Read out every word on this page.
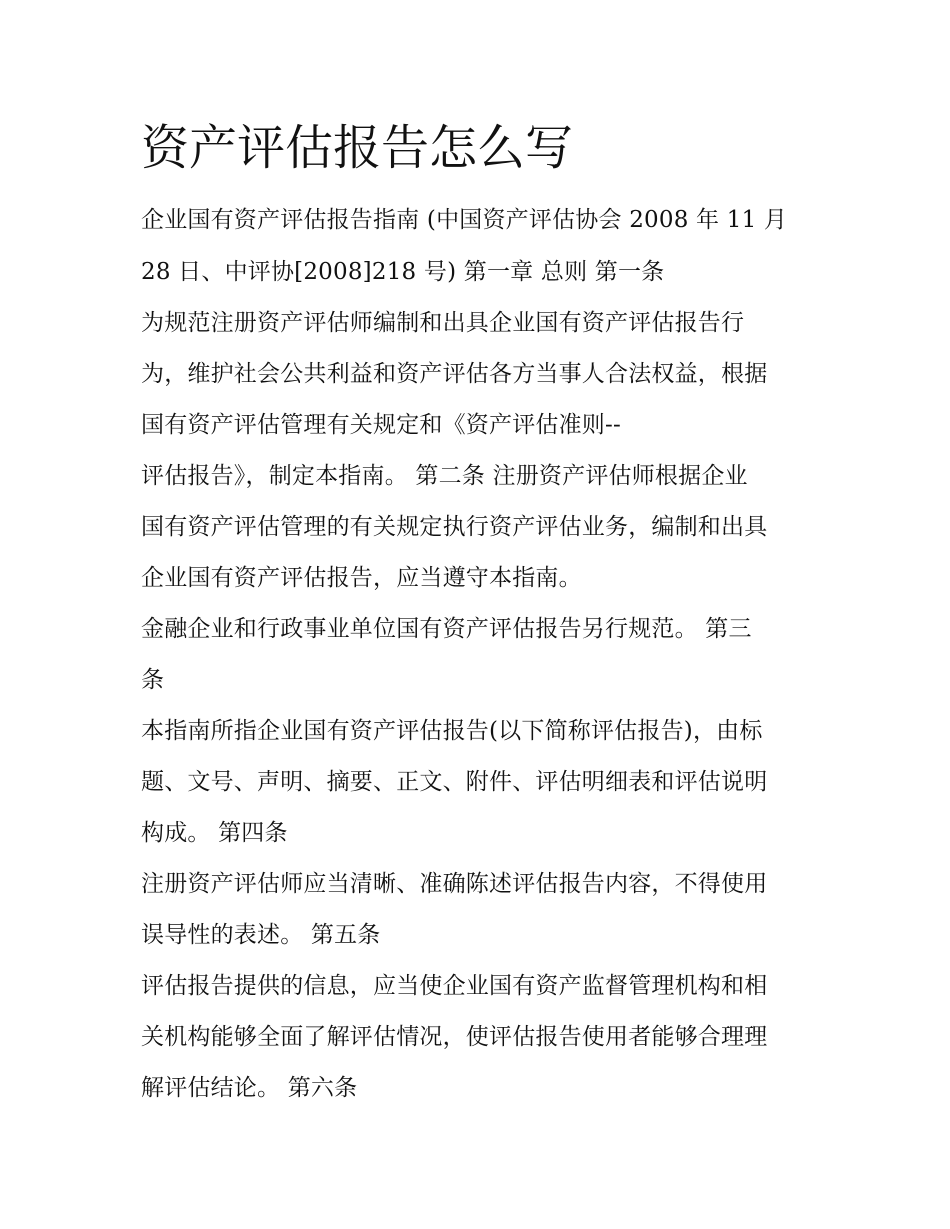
资产评估报告怎么写

企业国有资产评估报告指南 (中国资产评估协会 2008 年 11 月

28 日、中评协[2008]218 号) 第一章 总则 第一条

为规范注册资产评估师编制和出具企业国有资产评估报告行

为，维护社会公共利益和资产评估各方当事人合法权益，根据

国有资产评估管理有关规定和《资产评估准则--

评估报告》，制定本指南。 第二条 注册资产评估师根据企业

国有资产评估管理的有关规定执行资产评估业务，编制和出具

企业国有资产评估报告，应当遵守本指南。

金融企业和行政事业单位国有资产评估报告另行规范。 第三

条

本指南所指企业国有资产评估报告(以下简称评估报告)，由标

题、文号、声明、摘要、正文、附件、评估明细表和评估说明

构成。 第四条

注册资产评估师应当清晰、准确陈述评估报告内容，不得使用

误导性的表述。 第五条

评估报告提供的信息，应当使企业国有资产监督管理机构和相

关机构能够全面了解评估情况，使评估报告使用者能够合理理

解评估结论。 第六条
